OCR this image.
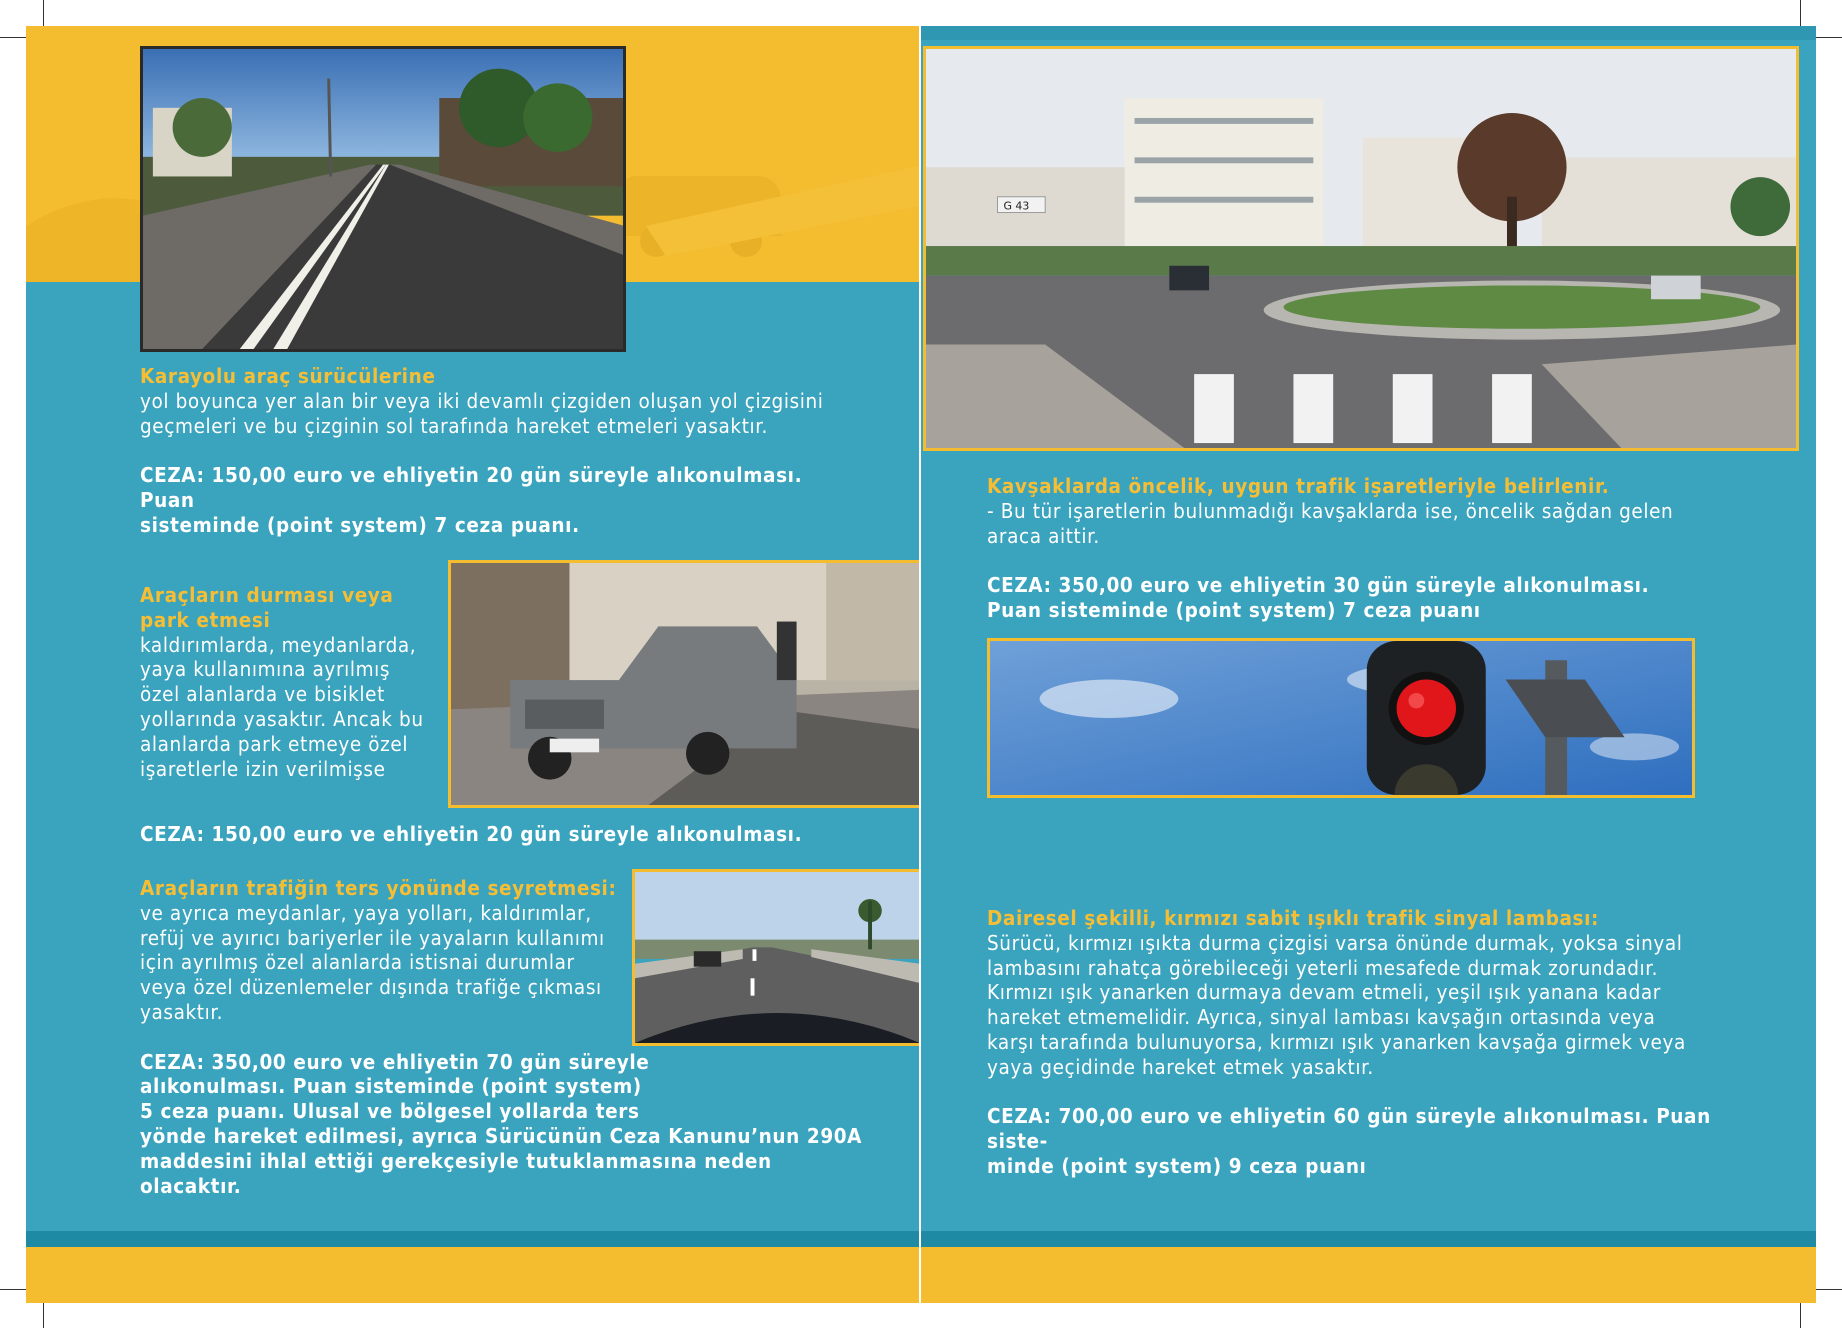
Karayolu araç sürücülerine

yol boyunca yer alan bir veya iki devamlı çizgiden oluşan yol çizgisini

geçmeleri ve bu çizginin sol tarafında hareket etmeleri yasaktır.

CEZA: 150,00 euro ve ehliyetin 20 gün süreyle alıkonulması. Puan

sisteminde (point system) 7 ceza puanı.

Araçların durması veya

park etmesi

kaldırımlarda, meydanlarda,

yaya kullanımına ayrılmış

özel alanlarda ve bisiklet

yollarında yasaktır. Ancak bu

alanlarda park etmeye özel

işaretlerle izin verilmişse

CEZA: 150,00 euro ve ehliyetin 20 gün süreyle alıkonulması.

Araçların trafiğin ters yönünde seyretmesi:

ve ayrıca meydanlar, yaya yolları, kaldırımlar,

refüj ve ayırıcı bariyerler ile yayaların kullanımı

için ayrılmış özel alanlarda istisnai durumlar

veya özel düzenlemeler dışında trafiğe çıkması

yasaktır.

CEZA: 350,00 euro ve ehliyetin 70 gün süreyle

alıkonulması. Puan sisteminde (point system)

5 ceza puanı. Ulusal ve bölgesel yollarda ters

yönde hareket edilmesi, ayrıca Sürücünün Ceza Kanunu’nun 290A

maddesini ihlal ettiği gerekçesiyle tutuklanmasına neden olacaktır.

G 43

Kavşaklarda öncelik, uygun trafik işaretleriyle belirlenir.

- Bu tür işaretlerin bulunmadığı kavşaklarda ise, öncelik sağdan gelen

araca aittir.

CEZA: 350,00 euro ve ehliyetin 30 gün süreyle alıkonulması.

Puan sisteminde (point system) 7 ceza puanı

Dairesel şekilli, kırmızı sabit ışıklı trafik sinyal lambası:

Sürücü, kırmızı ışıkta durma çizgisi varsa önünde durmak, yoksa sinyal

lambasını rahatça görebileceği yeterli mesafede durmak zorundadır.

Kırmızı ışık yanarken durmaya devam etmeli, yeşil ışık yanana kadar

hareket etmemelidir. Ayrıca, sinyal lambası kavşağın ortasında veya

karşı tarafında bulunuyorsa, kırmızı ışık yanarken kavşağa girmek veya

yaya geçidinde hareket etmek yasaktır.

CEZA: 700,00 euro ve ehliyetin 60 gün süreyle alıkonulması. Puan siste-

minde (point system) 9 ceza puanı
